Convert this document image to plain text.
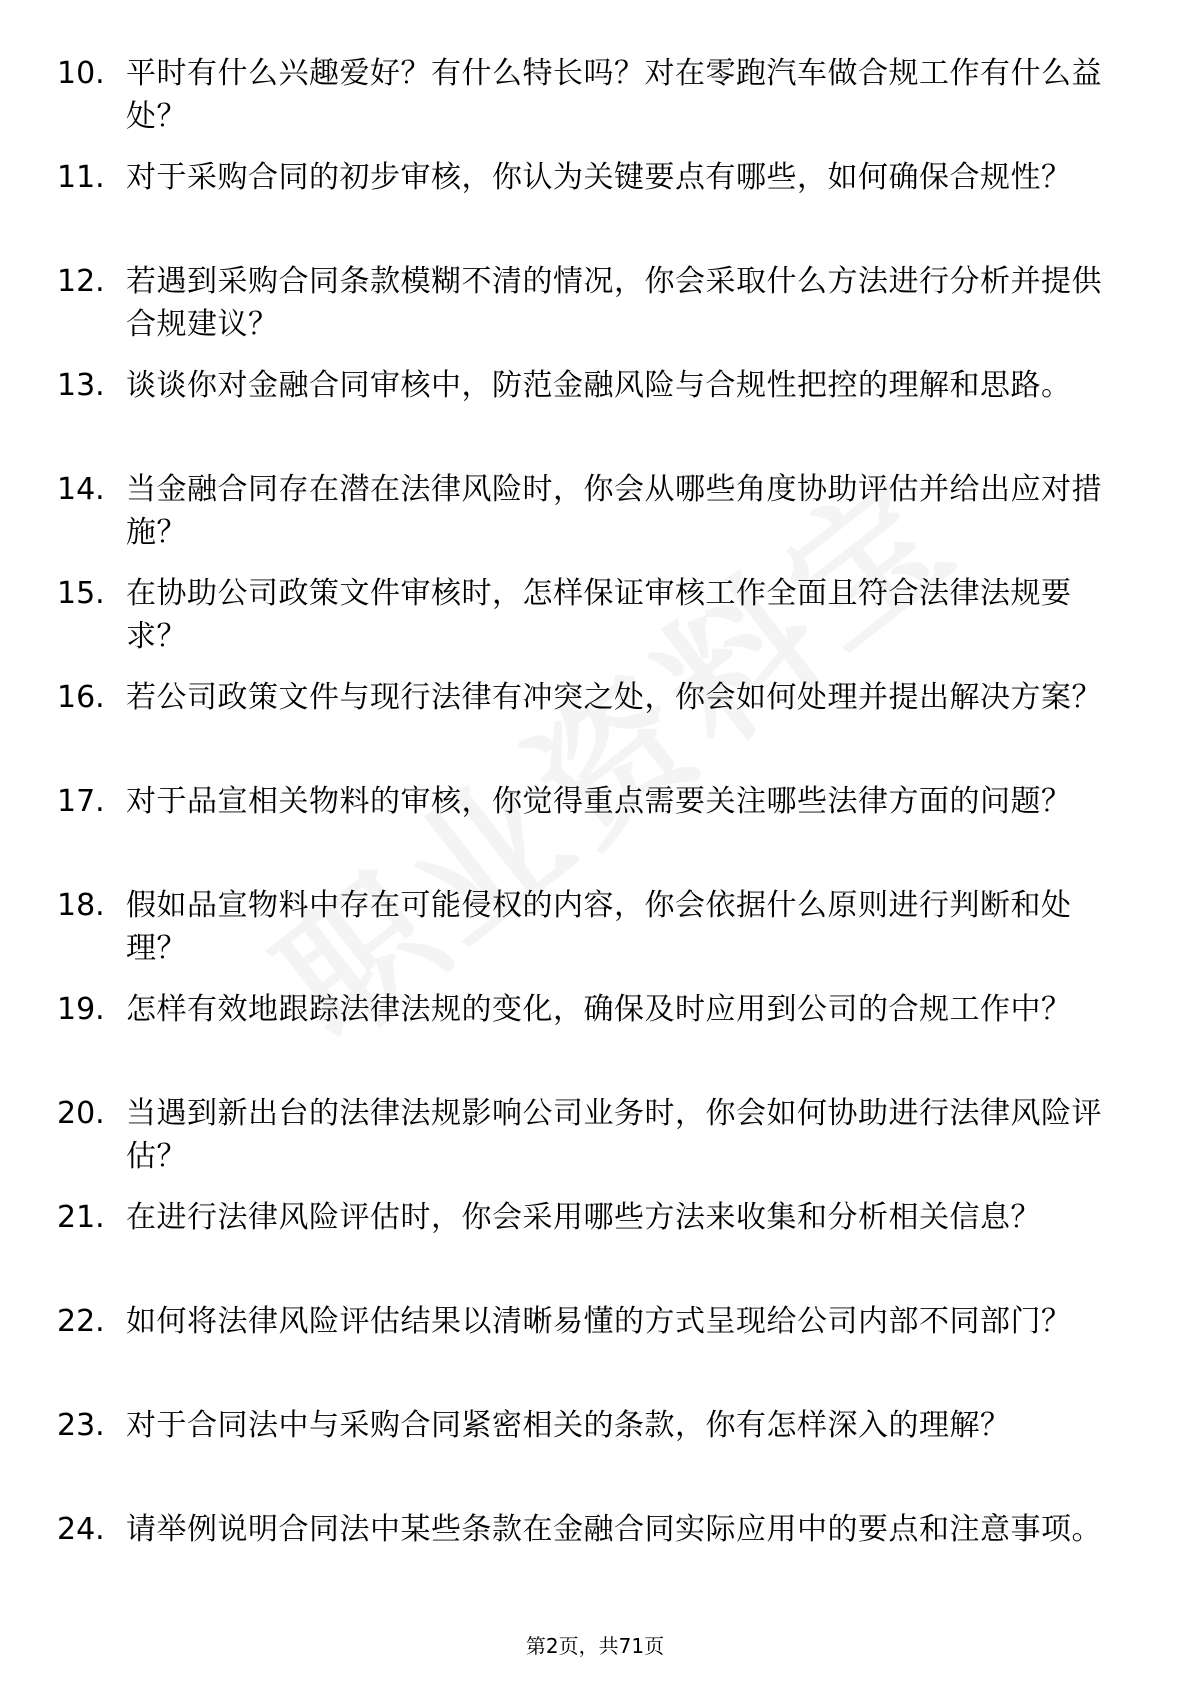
10. 平时有什么兴趣爱好？有什么特长吗？对在零跑汽车做合规工作有什么益处？
11. 对于采购合同的初步审核，你认为关键要点有哪些，如何确保合规性？
12. 若遇到采购合同条款模糊不清的情况，你会采取什么方法进行分析并提供合规建议？
13. 谈谈你对金融合同审核中，防范金融风险与合规性把控的理解和思路。
14. 当金融合同存在潜在法律风险时，你会从哪些角度协助评估并给出应对措施？
15. 在协助公司政策文件审核时，怎样保证审核工作全面且符合法律法规要求？
16. 若公司政策文件与现行法律有冲突之处，你会如何处理并提出解决方案？
17. 对于品宣相关物料的审核，你觉得重点需要关注哪些法律方面的问题？
18. 假如品宣物料中存在可能侵权的内容，你会依据什么原则进行判断和处理？
19. 怎样有效地跟踪法律法规的变化，确保及时应用到公司的合规工作中？
20. 当遇到新出台的法律法规影响公司业务时，你会如何协助进行法律风险评估？
21. 在进行法律风险评估时，你会采用哪些方法来收集和分析相关信息？
22. 如何将法律风险评估结果以清晰易懂的方式呈现给公司内部不同部门？
23. 对于合同法中与采购合同紧密相关的条款，你有怎样深入的理解？
24. 请举例说明合同法中某些条款在金融合同实际应用中的要点和注意事项。
第2页，共71页
